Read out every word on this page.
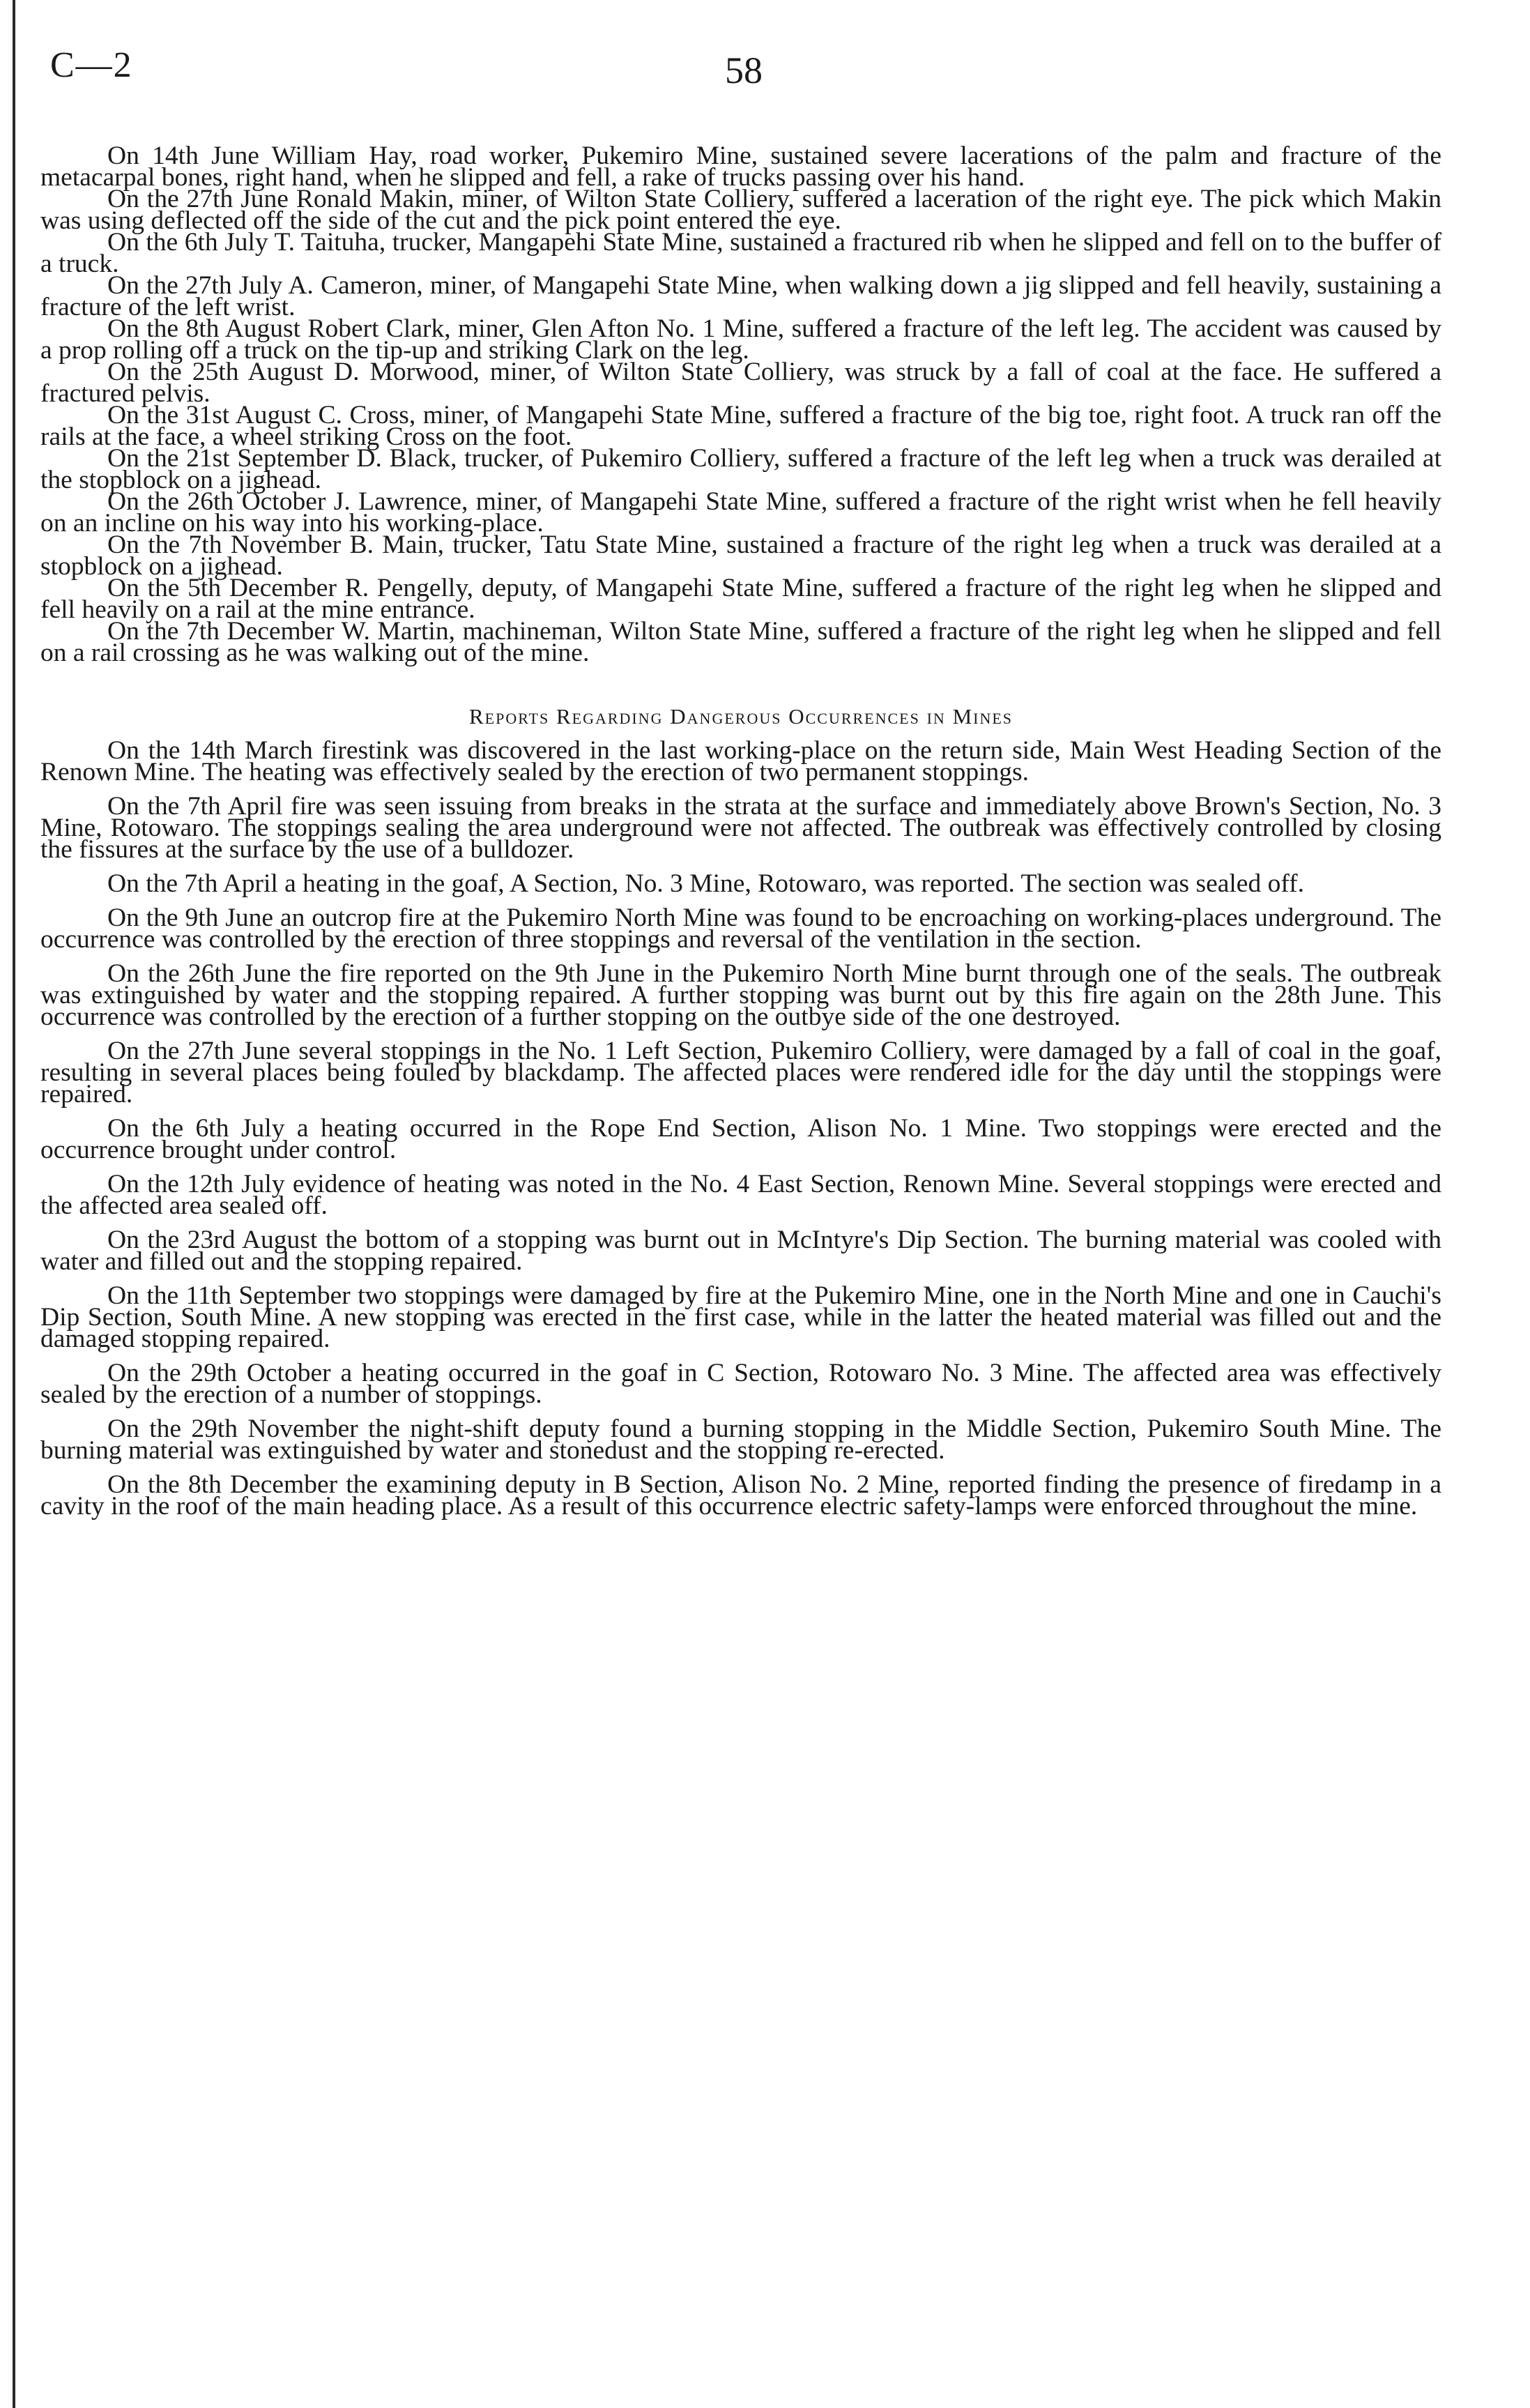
C—2	58

On 14th June William Hay, road worker, Pukemiro Mine, sustained severe lacerations of the palm and fracture of the metacarpal bones, right hand, when he slipped and fell, a rake of trucks passing over his hand.

On the 27th June Ronald Makin, miner, of Wilton State Colliery, suffered a laceration of the right eye. The pick which Makin was using deflected off the side of the cut and the pick point entered the eye.

On the 6th July T. Taituha, trucker, Mangapehi State Mine, sustained a fractured rib when he slipped and fell on to the buffer of a truck.

On the 27th July A. Cameron, miner, of Mangapehi State Mine, when walking down a jig slipped and fell heavily, sustaining a fracture of the left wrist.

On the 8th August Robert Clark, miner, Glen Afton No. 1 Mine, suffered a fracture of the left leg. The accident was caused by a prop rolling off a truck on the tip-up and striking Clark on the leg.

On the 25th August D. Morwood, miner, of Wilton State Colliery, was struck by a fall of coal at the face. He suffered a fractured pelvis.

On the 31st August C. Cross, miner, of Mangapehi State Mine, suffered a fracture of the big toe, right foot. A truck ran off the rails at the face, a wheel striking Cross on the foot.

On the 21st September D. Black, trucker, of Pukemiro Colliery, suffered a fracture of the left leg when a truck was derailed at the stopblock on a jighead.

On the 26th October J. Lawrence, miner, of Mangapehi State Mine, suffered a fracture of the right wrist when he fell heavily on an incline on his way into his working-place.

On the 7th November B. Main, trucker, Tatu State Mine, sustained a fracture of the right leg when a truck was derailed at a stopblock on a jighead.

On the 5th December R. Pengelly, deputy, of Mangapehi State Mine, suffered a fracture of the right leg when he slipped and fell heavily on a rail at the mine entrance.

On the 7th December W. Martin, machineman, Wilton State Mine, suffered a fracture of the right leg when he slipped and fell on a rail crossing as he was walking out of the mine.

Reports Regarding Dangerous Occurrences in Mines

On the 14th March firestink was discovered in the last working-place on the return side, Main West Heading Section of the Renown Mine. The heating was effectively sealed by the erection of two permanent stoppings.

On the 7th April fire was seen issuing from breaks in the strata at the surface and immediately above Brown's Section, No. 3 Mine, Rotowaro. The stoppings sealing the area underground were not affected. The outbreak was effectively controlled by closing the fissures at the surface by the use of a bulldozer.

On the 7th April a heating in the goaf, A Section, No. 3 Mine, Rotowaro, was reported. The section was sealed off.

On the 9th June an outcrop fire at the Pukemiro North Mine was found to be encroaching on working-places underground. The occurrence was controlled by the erection of three stoppings and reversal of the ventilation in the section.

On the 26th June the fire reported on the 9th June in the Pukemiro North Mine burnt through one of the seals. The outbreak was extinguished by water and the stopping repaired. A further stopping was burnt out by this fire again on the 28th June. This occurrence was controlled by the erection of a further stopping on the outbye side of the one destroyed.

On the 27th June several stoppings in the No. 1 Left Section, Pukemiro Colliery, were damaged by a fall of coal in the goaf, resulting in several places being fouled by blackdamp. The affected places were rendered idle for the day until the stoppings were repaired.

On the 6th July a heating occurred in the Rope End Section, Alison No. 1 Mine. Two stoppings were erected and the occurrence brought under control.

On the 12th July evidence of heating was noted in the No. 4 East Section, Renown Mine. Several stoppings were erected and the affected area sealed off.

On the 23rd August the bottom of a stopping was burnt out in McIntyre's Dip Section. The burning material was cooled with water and filled out and the stopping repaired.

On the 11th September two stoppings were damaged by fire at the Pukemiro Mine, one in the North Mine and one in Cauchi's Dip Section, South Mine. A new stopping was erected in the first case, while in the latter the heated material was filled out and the damaged stopping repaired.

On the 29th October a heating occurred in the goaf in C Section, Rotowaro No. 3 Mine. The affected area was effectively sealed by the erection of a number of stoppings.

On the 29th November the night-shift deputy found a burning stopping in the Middle Section, Pukemiro South Mine. The burning material was extinguished by water and stonedust and the stopping re-erected.

On the 8th December the examining deputy in B Section, Alison No. 2 Mine, reported finding the presence of firedamp in a cavity in the roof of the main heading place. As a result of this occurrence electric safety-lamps were enforced throughout the mine.
